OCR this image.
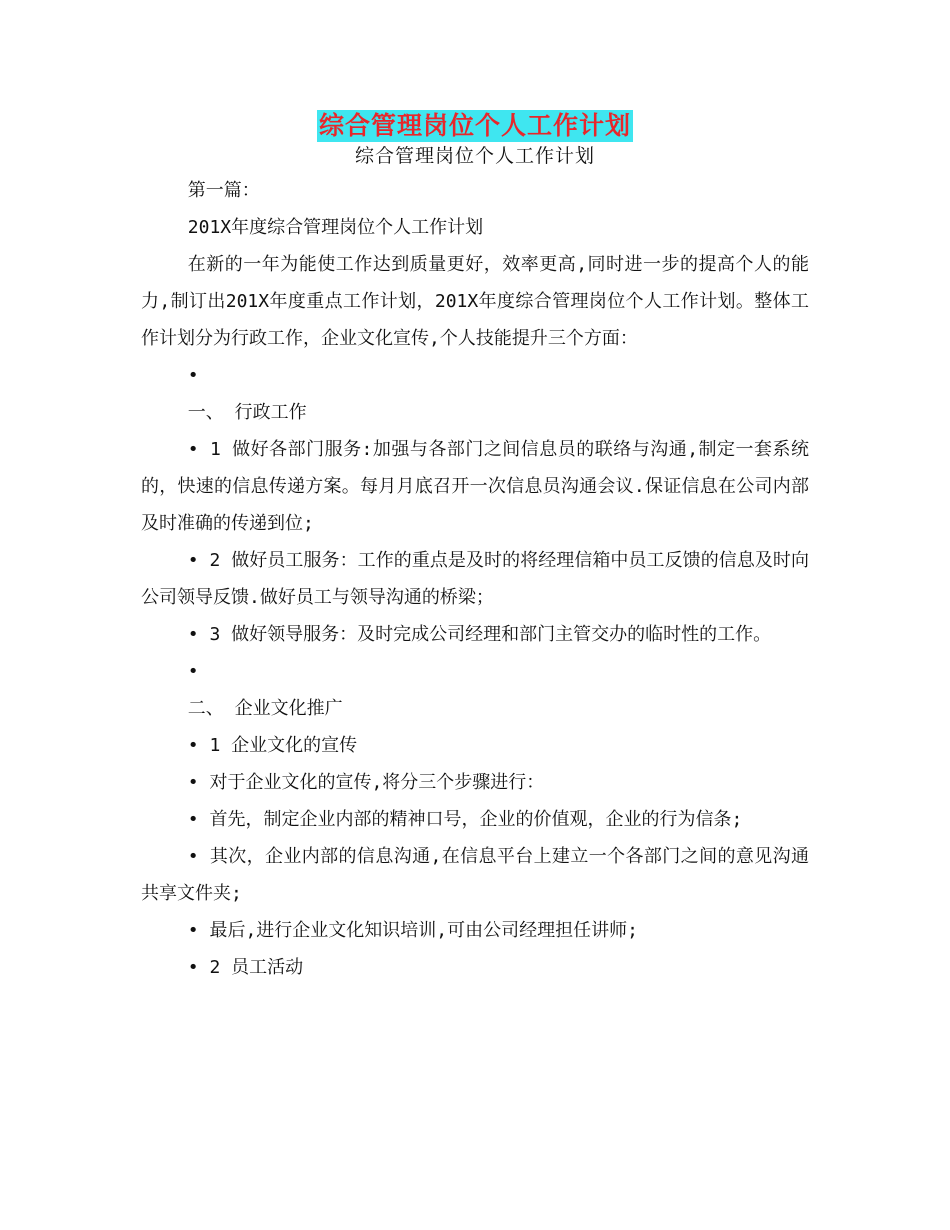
综合管理岗位个人工作计划
综合管理岗位个人工作计划

第一篇：

201X年度综合管理岗位个人工作计划

在新的一年为能使工作达到质量更好，效率更高,同时进一步的提高个人的能力,制订出201X年度重点工作计划，201X年度综合管理岗位个人工作计划。整体工作计划分为行政工作，企业文化宣传,个人技能提升三个方面：

•

一、 行政工作

• 1 做好各部门服务:加强与各部门之间信息员的联络与沟通,制定一套系统的，快速的信息传递方案。每月月底召开一次信息员沟通会议.保证信息在公司内部及时准确的传递到位;

• 2 做好员工服务：工作的重点是及时的将经理信箱中员工反馈的信息及时向公司领导反馈.做好员工与领导沟通的桥梁；

• 3 做好领导服务：及时完成公司经理和部门主管交办的临时性的工作。

•

二、 企业文化推广

• 1 企业文化的宣传

• 对于企业文化的宣传,将分三个步骤进行：

• 首先，制定企业内部的精神口号，企业的价值观，企业的行为信条;

• 其次，企业内部的信息沟通,在信息平台上建立一个各部门之间的意见沟通共享文件夹;

• 最后,进行企业文化知识培训,可由公司经理担任讲师;

• 2 员工活动
